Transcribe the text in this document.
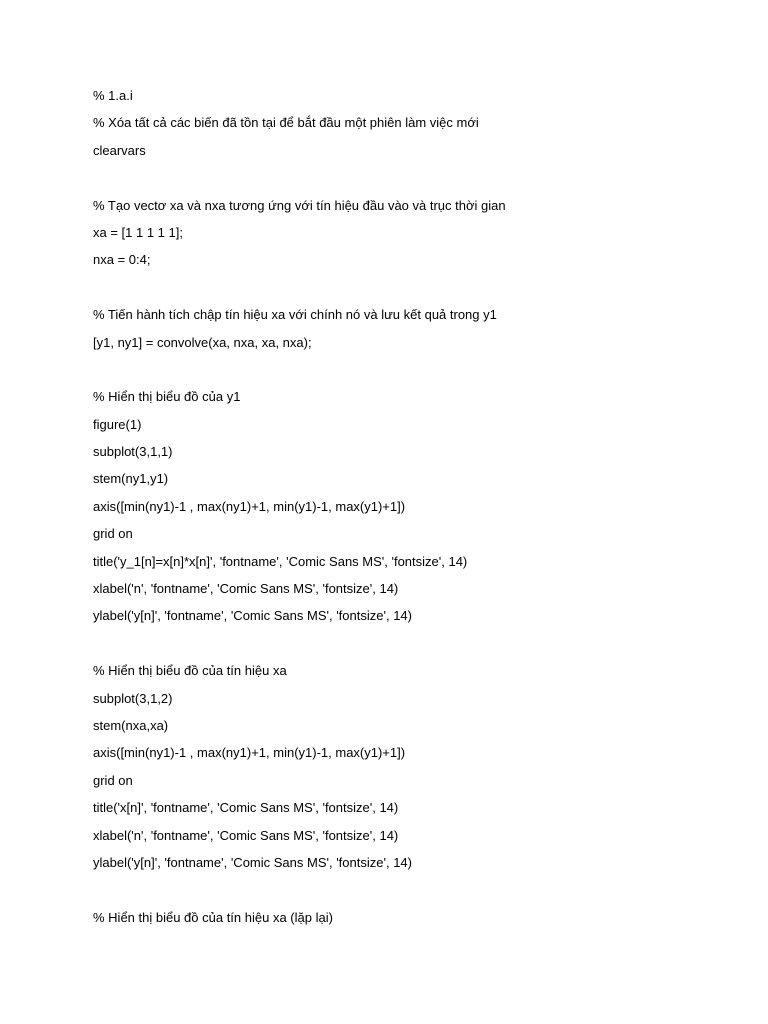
% 1.a.i
% Xóa tất cả các biến đã tồn tại để bắt đầu một phiên làm việc mới
clearvars
% Tạo vectơ xa và nxa tương ứng với tín hiệu đầu vào và trục thời gian
xa = [1 1 1 1 1];
nxa = 0:4;
% Tiến hành tích chập tín hiệu xa với chính nó và lưu kết quả trong y1
[y1, ny1] = convolve(xa, nxa, xa, nxa);
% Hiển thị biểu đồ của y1
figure(1)
subplot(3,1,1)
stem(ny1,y1)
axis([min(ny1)-1 , max(ny1)+1, min(y1)-1, max(y1)+1])
grid on
title('y_1[n]=x[n]*x[n]', 'fontname', 'Comic Sans MS', 'fontsize', 14)
xlabel('n', 'fontname', 'Comic Sans MS', 'fontsize', 14)
ylabel('y[n]', 'fontname', 'Comic Sans MS', 'fontsize', 14)
% Hiển thị biểu đồ của tín hiệu xa
subplot(3,1,2)
stem(nxa,xa)
axis([min(ny1)-1 , max(ny1)+1, min(y1)-1, max(y1)+1])
grid on
title('x[n]', 'fontname', 'Comic Sans MS', 'fontsize', 14)
xlabel('n', 'fontname', 'Comic Sans MS', 'fontsize', 14)
ylabel('y[n]', 'fontname', 'Comic Sans MS', 'fontsize', 14)
% Hiển thị biểu đồ của tín hiệu xa (lặp lại)
